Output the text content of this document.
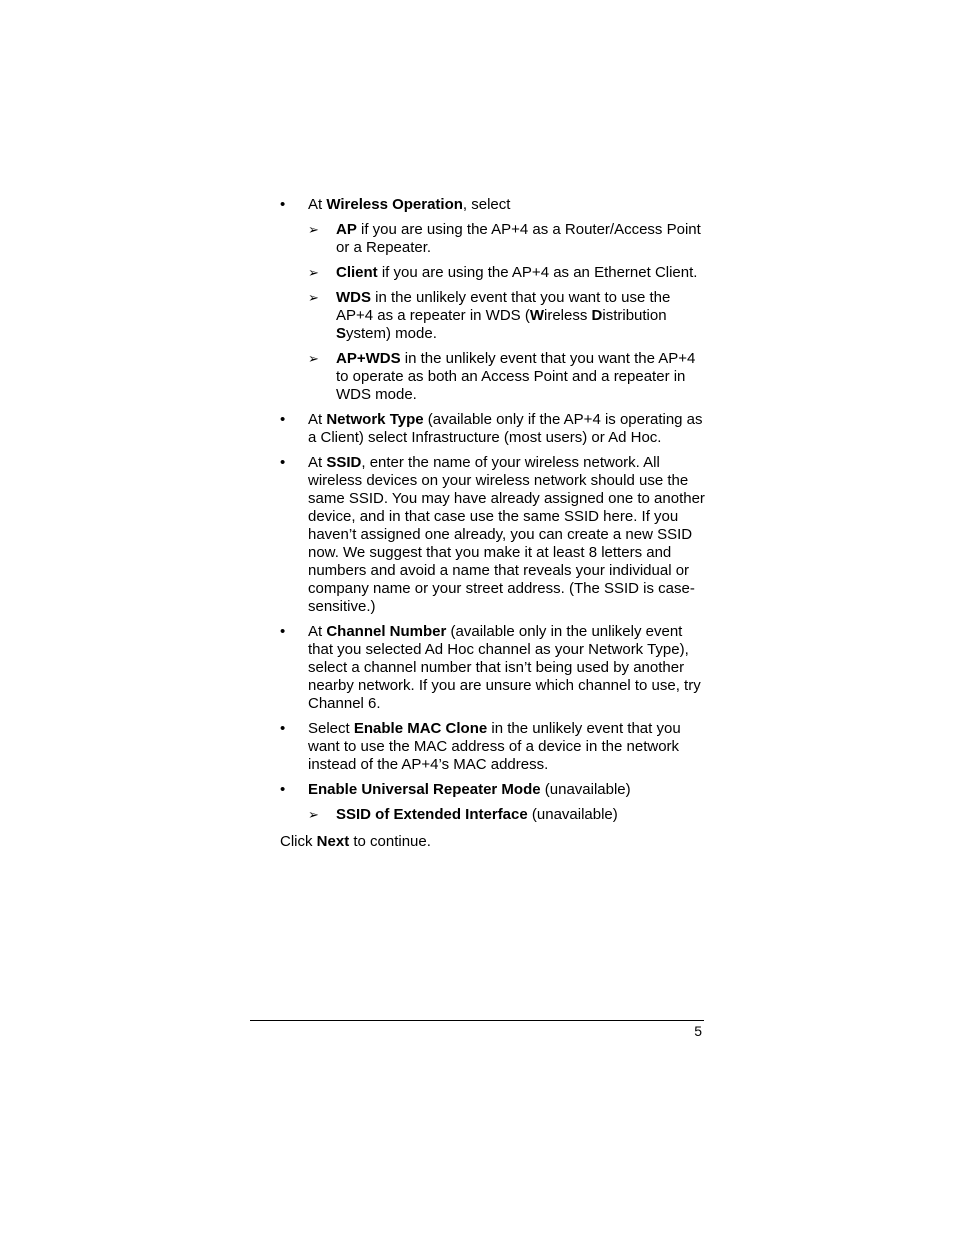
•	At Wireless Operation, select
➢ AP if you are using the AP+4 as a Router/Access Point or a Repeater.
➢ Client if you are using the AP+4 as an Ethernet Client.
➢ WDS in the unlikely event that you want to use the AP+4 as a repeater in WDS (Wireless Distribution System) mode.
➢ AP+WDS in the unlikely event that you want the AP+4 to operate as both an Access Point and a repeater in WDS mode.
•	At Network Type (available only if the AP+4 is operating as a Client) select Infrastructure (most users) or Ad Hoc.
•	At SSID, enter the name of your wireless network. All wireless devices on your wireless network should use the same SSID. You may have already assigned one to another device, and in that case use the same SSID here. If you haven’t assigned one already, you can create a new SSID now. We suggest that you make it at least 8 letters and numbers and avoid a name that reveals your individual or company name or your street address. (The SSID is case-sensitive.)
•	At Channel Number (available only in the unlikely event that you selected Ad Hoc channel as your Network Type), select a channel number that isn’t being used by another nearby network. If you are unsure which channel to use, try Channel 6.
•	Select Enable MAC Clone in the unlikely event that you want to use the MAC address of a device in the network instead of the AP+4’s MAC address.
•	Enable Universal Repeater Mode (unavailable)
➢ SSID of Extended Interface (unavailable)
Click Next to continue.
5
